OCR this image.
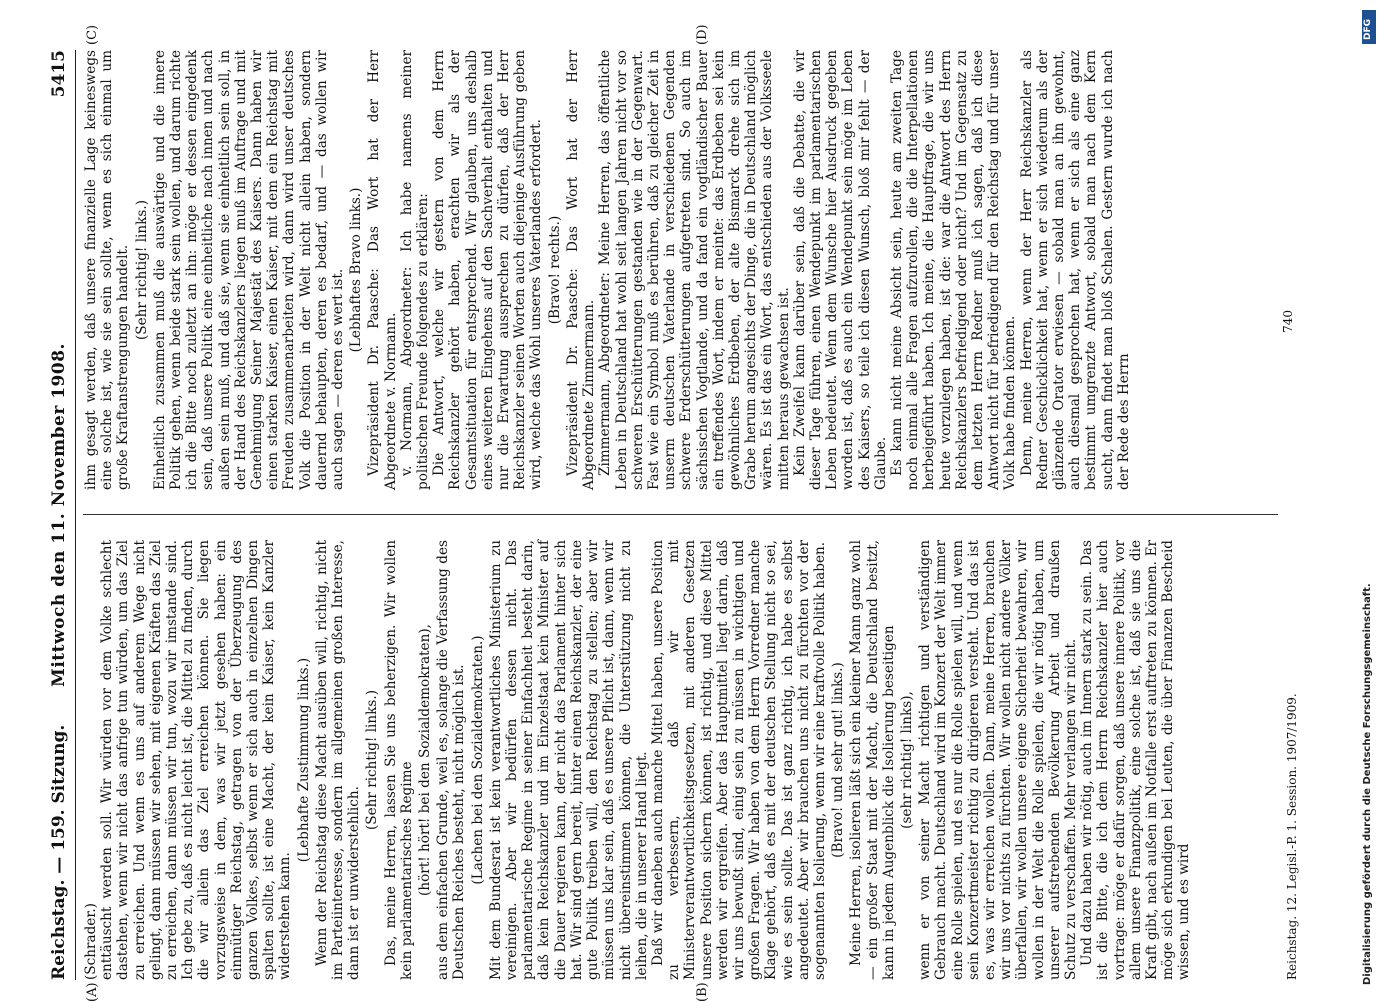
Reichstag. — 159. Sitzung.
Mittwoch den 11. November 1908.
5415

(Schrader.) enttäuscht werden soll. Wir würden vor dem Volke schlecht dastehen, wenn wir nicht das anfrige tun würden, um das Ziel zu erreichen. Und wenn es uns auf anderem Wege nicht gelingt, dann müssen wir sehen, mit eigenen Kräften das Ziel zu erreichen, dann müssen wir tun, wozu wir imstande sind. Ich gebe zu, daß es nicht leicht ist, die Mittel zu finden, durch die wir allein das Ziel erreichen können. Sie liegen vorzugsweise in dem, was wir jetzt gesehen haben: ein einmütiger Reichstag, getragen von der Überzeugung des ganzen Volkes, selbst wenn er sich auch in einzelnen Dingen spalten sollte, ist eine Macht, der kein Kaiser, kein Kanzler widerstehen kann.

(Lebhafte Zustimmung links.) Wenn der Reichstag diese Macht ausüben will, richtig, nicht im Parteiinteresse, sondern im allgemeinen großen Interesse, dann ist er unwiderstehlich.

(Sehr richtig! links.) Das, meine Herren, lassen Sie uns beherzigen. Wir wollen kein parlamentarisches Regime (hört! hört! bei den Sozialdemokraten), aus dem einfachen Grunde, weil es, solange die Verfassung des Deutschen Reiches besteht, nicht möglich ist. (Lachen bei den Sozialdemokraten.) Mit dem Bundesrat ist kein verantwortliches Ministerium zu vereinigen. Aber wir bedürfen dessen nicht. Das parlamentarische Regime in seiner Einfachheit besteht darin, daß kein Reichskanzler und im Einzelstaat kein Minister auf die Dauer regieren kann, der nicht das Parlament hinter sich hat. Wir sind gern bereit, hinter einen Reichskanzler, der eine gute Politik treiben will, den Reichstag zu stellen; aber wir müssen uns klar sein, daß es unsere Pflicht ist, dann, wenn wir nicht übereinstimmen können, die Unterstützung nicht zu leihen, die in unserer Hand liegt. Daß wir daneben auch manche Mittel haben, unsere Position zu verbessern, daß wir mit Ministerverantwortlichkeitsgesetzen, mit anderen Gesetzen unsere Position sichern können, ist richtig, und diese Mittel werden wir ergreifen. Aber das Hauptmittel liegt darin, daß wir uns bewußt sind, einig sein zu müssen in wichtigen und großen Fragen. Wir haben von dem Herrn Vorredner manche Klage gehört, daß es mit der deutschen Stellung nicht so sei, wie es sein sollte. Das ist ganz richtig, ich habe es selbst angedeutet. Aber wir brauchen uns nicht zu fürchten vor der sogenannten Isolierung, wenn wir eine kraftvolle Politik haben. (Bravo! und sehr gut! links.) Meine Herren, isolieren läßt sich ein kleiner Mann ganz wohl — ein großer Staat mit der Macht, die Deutschland besitzt, kann in jedem Augenblick die Isolierung beseitigen (sehr richtig! links), wenn er von seiner Macht richtigen und verständigen Gebrauch macht. Deutschland wird im Konzert der Welt immer eine Rolle spielen, und es nur die Rolle spielen will, und wenn sein Konzertmeister richtig zu dirigieren versteht. Und das ist es, was wir erreichen wollen. Dann, meine Herren, brauchen wir uns vor nichts zu fürchten. Wir wollen nicht andere Völker überfallen, wir wollen unsere eigene Sicherheit bewahren, wir wollen in der Welt die Rolle spielen, die wir nötig haben, um unserer aufstrebenden Bevölkerung Arbeit und draußen Schutz zu verschaffen. Mehr verlangen wir nicht. Und dazu haben wir nötig, auch im Innern stark zu sein. Das ist die Bitte, die ich dem Herrn Reichskanzler hier auch vortrage: möge er dafür sorgen, daß unsere innere Politik, vor allem unsere Finanzpolitik, eine solche ist, daß sie uns die Kraft gibt, nach außen im Notfalle erst auftreten zu können. Er möge sich erkundigen bei Leuten, die über Finanzen Bescheid wissen, und es wird

ihm gesagt werden, daß unsere finanzielle Lage keineswegs eine solche ist, wie sie sein sollte, wenn es sich einmal um große Kraftanstrengungen handelt. (Sehr richtig! links.) Einheitlich zusammen muß die auswärtige und die innere Politik gehen, wenn beide stark sein wollen, und darum richte ich die Bitte noch zuletzt an ihn: möge er dessen eingedenk sein, daß unsere Politik eine einheitliche nach innen und nach außen sein muß, und daß sie, wenn sie einheitlich sein soll, in der Hand des Reichskanzlers liegen muß im Auftrage und mit Genehmigung Seiner Majestät des Kaisers. Dann haben wir einen starken Kaiser, einen Kaiser, mit dem ein Reichstag mit Freuden zusammenarbeiten wird, dann wird unser deutsches Volk die Position in der Welt nicht allein haben, sondern dauernd behaupten, deren es bedarf, und — das wollen wir auch sagen — deren es wert ist. (Lebhaftes Bravo links.) Vizepräsident Dr. Paasche: Das Wort hat der Herr Abgeordnete v. Normann. v. Normann, Abgeordneter: Ich habe namens meiner politischen Freunde folgendes zu erklären: Die Antwort, welche wir gestern von dem Herrn Reichskanzler gehört haben, erachten wir als der Gesamtsituation für entsprechend. Wir glauben, uns deshalb eines weiteren Eingehens auf den Sachverhalt enthalten und nur die Erwartung aussprechen zu dürfen, daß der Herr Reichskanzler seinen Worten auch diejenige Ausführung geben wird, welche das Wohl unseres Vaterlandes erfordert. (Bravo! rechts.) Vizepräsident Dr. Paasche: Das Wort hat der Herr Abgeordnete Zimmermann. Zimmermann, Abgeordneter: Meine Herren, das öffentliche Leben in Deutschland hat wohl seit langen Jahren nicht vor so schweren Erschütterungen gestanden wie in der Gegenwart. Fast wie ein Symbol muß es berühren, daß zu gleicher Zeit in unserm deutschen Vaterlande in verschiedenen Gegenden schwere Erderschütterungen aufgetreten sind. So auch im sächsischen Vogtlande, und da fand ein vogtländischer Bauer ein treffendes Wort, indem er meinte: das Erdbeben sei kein gewöhnliches Erdbeben, der alte Bismarck drehe sich im Grabe herum angesichts der Dinge, die in Deutschland möglich wären. Es ist das ein Wort, das entschieden aus der Volksseele mitten heraus gewachsen ist. Kein Zweifel kann darüber sein, daß die Debatte, die wir dieser Tage führen, einen Wendepunkt im parlamentarischen Leben bedeutet. Wenn dem Wunsche hier Ausdruck gegeben worden ist, daß es auch ein Wendepunkt sein möge im Leben des Kaisers, so teile ich diesen Wunsch, bloß mir fehlt — der Glaube. Es kann nicht meine Absicht sein, heute am zweiten Tage noch einmal alle Fragen aufzurollen, die die Interpellationen herbeigeführt haben. Ich meine, die Hauptfrage, die wir uns heute vorzulegen haben, ist die: war die Antwort des Herrn Reichskanzlers befriedigend oder nicht? Und im Gegensatz zu dem letzten Herrn Redner muß ich sagen, daß ich diese Antwort nicht für befriedigend für den Reichstag und für unser Volk habe finden können. Denn, meine Herren, wenn der Herr Reichskanzler als Redner Geschicklichkeit hat, wenn er sich wiederum als der glänzende Orator erwiesen — sobald man an ihn gewohnt, auch diesmal gesprochen hat, wenn er sich als eine ganz bestimmt umgrenzte Antwort, sobald man nach dem Kern sucht, dann findet man bloß Schalen. Gestern wurde ich nach der Rede des Herrn

(A)	(B)
(C)	(D)
Reichstag. 12. Legisl.-P. 1. Session. 1907/1909.
740
DFG
Digitalisierung gefördert durch die Deutsche Forschungsgemeinschaft.
